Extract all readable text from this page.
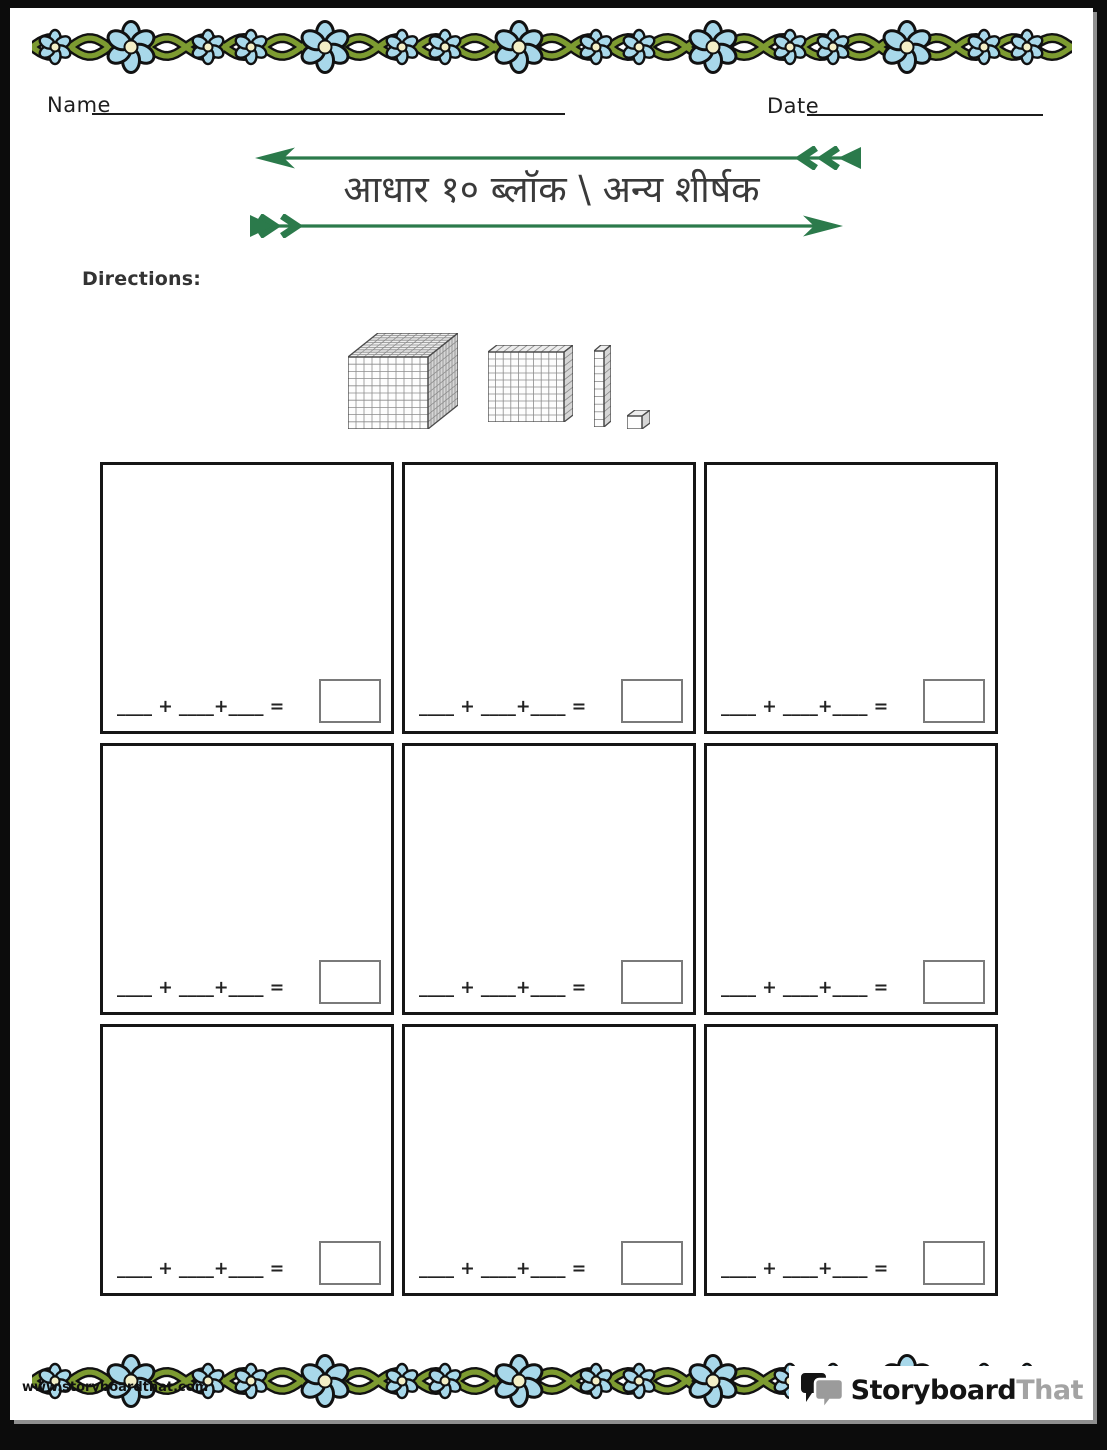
Name	Date
आधार १० ब्लॉक \ अन्य शीर्षक
Directions:
____ + ____+____ =	____ + ____+____ =	____ + ____+____ =
____ + ____+____ =	____ + ____+____ =	____ + ____+____ =
____ + ____+____ =	____ + ____+____ =	____ + ____+____ =
www.storyboardthat.com	StoryboardThat
